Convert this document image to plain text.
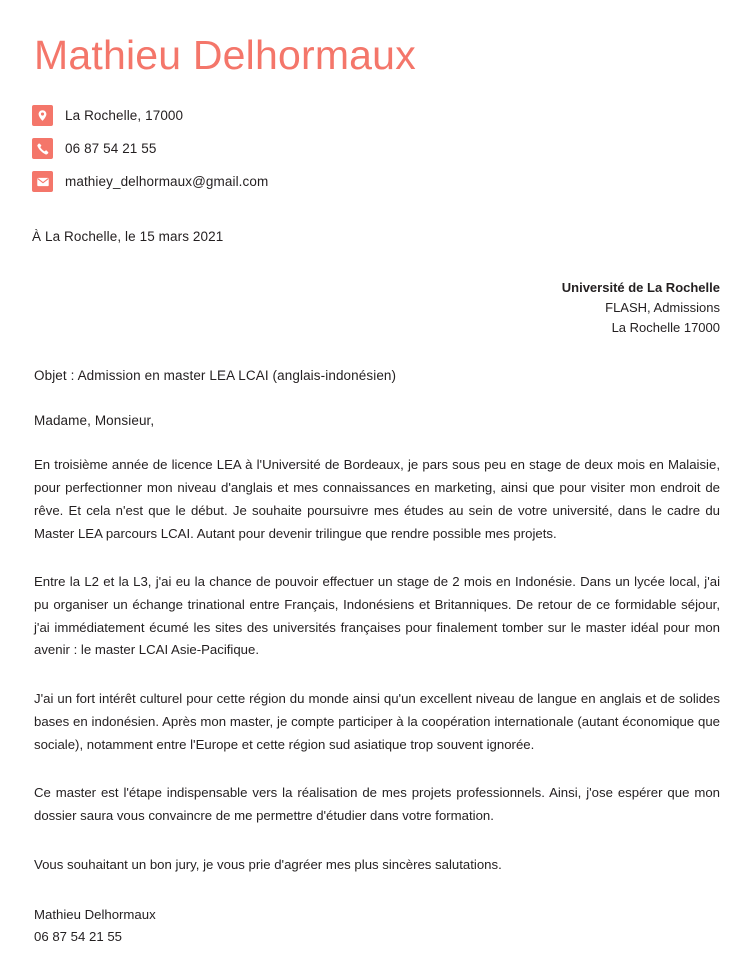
Mathieu Delhormaux
La Rochelle, 17000
06 87 54 21 55
mathiey_delhormaux@gmail.com
À La Rochelle, le 15 mars 2021
Université de La Rochelle
FLASH, Admissions
La Rochelle 17000
Objet : Admission en master LEA LCAI (anglais-indonésien)
Madame, Monsieur,

En troisième année de licence LEA à l'Université de Bordeaux, je pars sous peu en stage de deux mois en Malaisie, pour perfectionner mon niveau d'anglais et mes connaissances en marketing, ainsi que pour visiter mon endroit de rêve. Et cela n'est que le début. Je souhaite poursuivre mes études au sein de votre université, dans le cadre du Master LEA parcours LCAI. Autant pour devenir trilingue que rendre possible mes projets.

Entre la L2 et la L3, j'ai eu la chance de pouvoir effectuer un stage de 2 mois en Indonésie. Dans un lycée local, j'ai pu organiser un échange trinational entre Français, Indonésiens et Britanniques. De retour de ce formidable séjour, j'ai immédiatement écumé les sites des universités françaises pour finalement tomber sur le master idéal pour mon avenir : le master LCAI Asie-Pacifique.

J'ai un fort intérêt culturel pour cette région du monde ainsi qu'un excellent niveau de langue en anglais et de solides bases en indonésien. Après mon master, je compte participer à la coopération internationale (autant économique que sociale), notamment entre l'Europe et cette région sud asiatique trop souvent ignorée.

Ce master est l'étape indispensable vers la réalisation de mes projets professionnels. Ainsi, j'ose espérer que mon dossier saura vous convaincre de me permettre d'étudier dans votre formation.

Vous souhaitant un bon jury, je vous prie d'agréer mes plus sincères salutations.

Mathieu Delhormaux
06 87 54 21 55
